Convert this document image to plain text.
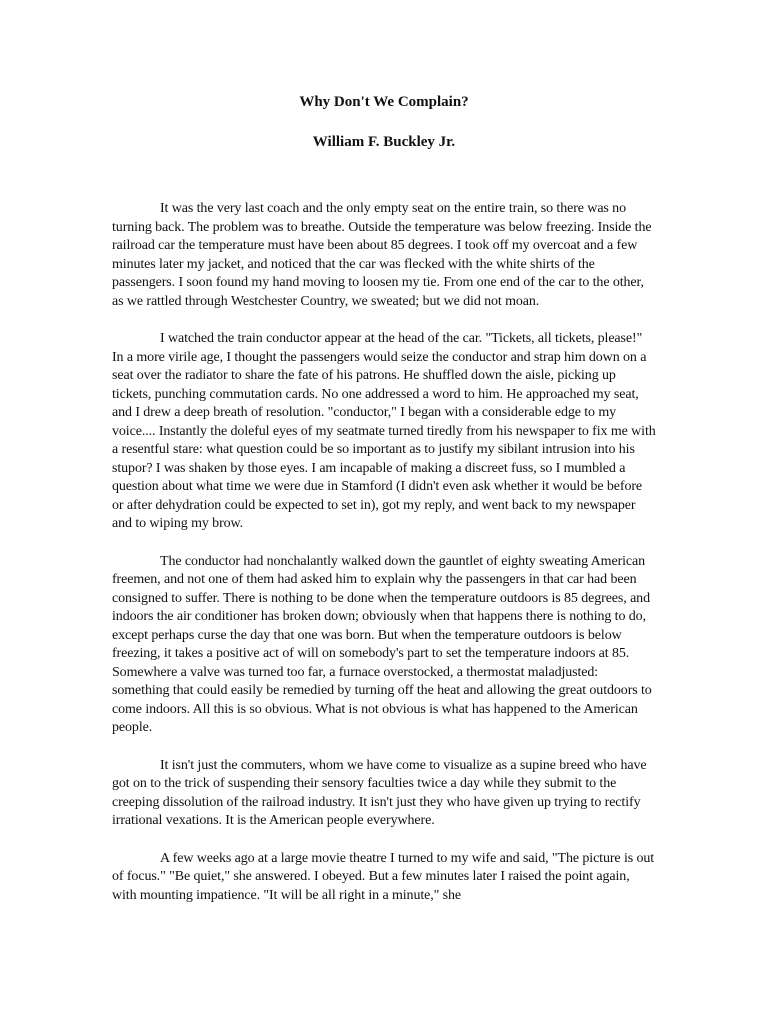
Why Don't We Complain?
William F. Buckley Jr.

It was the very last coach and the only empty seat on the entire train, so there was no turning back. The problem was to breathe. Outside the temperature was below freezing. Inside the railroad car the temperature must have been about 85 degrees. I took off my overcoat and a few minutes later my jacket, and noticed that the car was flecked with the white shirts of the passengers. I soon found my hand moving to loosen my tie. From one end of the car to the other, as we rattled through Westchester Country, we sweated; but we did not moan.

I watched the train conductor appear at the head of the car. "Tickets, all tickets, please!" In a more virile age, I thought the passengers would seize the conductor and strap him down on a seat over the radiator to share the fate of his patrons. He shuffled down the aisle, picking up tickets, punching commutation cards. No one addressed a word to him. He approached my seat, and I drew a deep breath of resolution. "conductor," I began with a considerable edge to my voice.... Instantly the doleful eyes of my seatmate turned tiredly from his newspaper to fix me with a resentful stare: what question could be so important as to justify my sibilant intrusion into his stupor? I was shaken by those eyes. I am incapable of making a discreet fuss, so I mumbled a question about what time we were due in Stamford (I didn't even ask whether it would be before or after dehydration could be expected to set in), got my reply, and went back to my newspaper and to wiping my brow.

The conductor had nonchalantly walked down the gauntlet of eighty sweating American freemen, and not one of them had asked him to explain why the passengers in that car had been consigned to suffer. There is nothing to be done when the temperature outdoors is 85 degrees, and indoors the air conditioner has broken down; obviously when that happens there is nothing to do, except perhaps curse the day that one was born. But when the temperature outdoors is below freezing, it takes a positive act of will on somebody's part to set the temperature indoors at 85. Somewhere a valve was turned too far, a furnace overstocked, a thermostat maladjusted: something that could easily be remedied by turning off the heat and allowing the great outdoors to come indoors. All this is so obvious. What is not obvious is what has happened to the American people.

It isn't just the commuters, whom we have come to visualize as a supine breed who have got on to the trick of suspending their sensory faculties twice a day while they submit to the creeping dissolution of the railroad industry. It isn't just they who have given up trying to rectify irrational vexations. It is the American people everywhere.

A few weeks ago at a large movie theatre I turned to my wife and said, "The picture is out of focus." "Be quiet," she answered. I obeyed. But a few minutes later I raised the point again, with mounting impatience. "It will be all right in a minute," she
